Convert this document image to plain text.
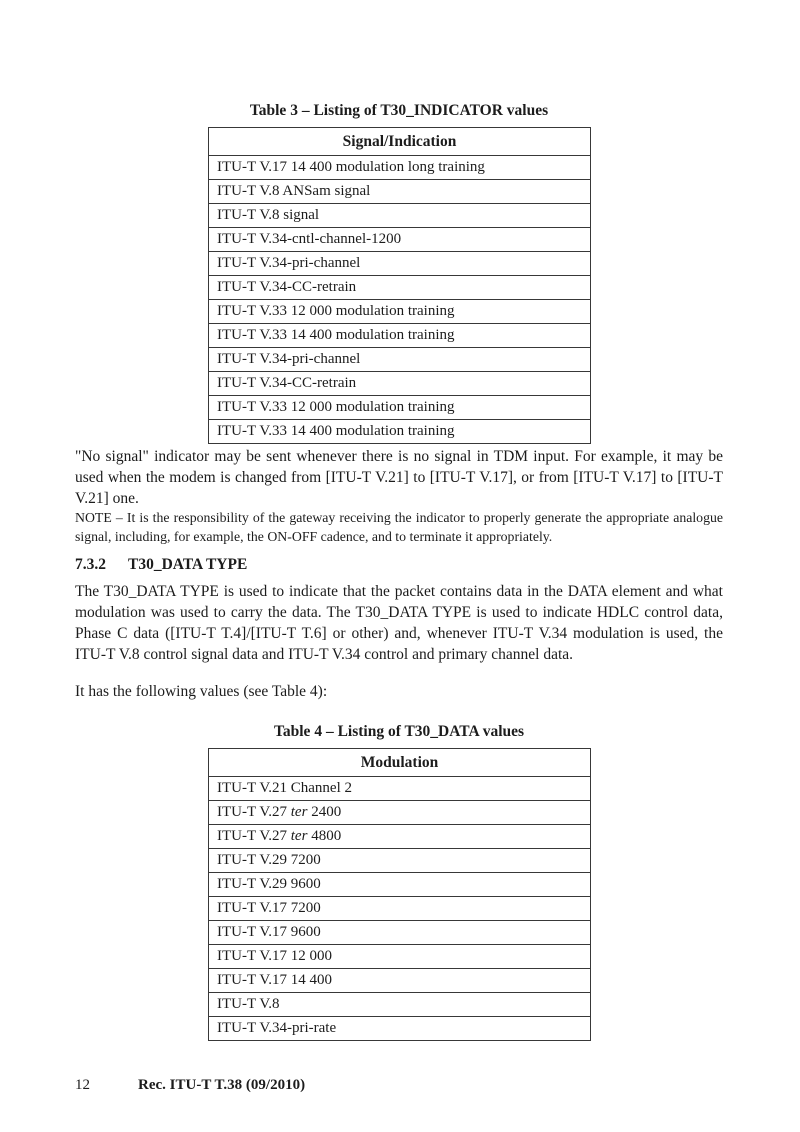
Table 3 – Listing of T30_INDICATOR values
Signal/Indication
ITU-T V.17 14 400 modulation long training
ITU-T V.8 ANSam signal
ITU-T V.8 signal
ITU-T V.34-cntl-channel-1200
ITU-T V.34-pri-channel
ITU-T V.34-CC-retrain
ITU-T V.33 12 000 modulation training
ITU-T V.33 14 400 modulation training
ITU-T V.34-pri-channel
ITU-T V.34-CC-retrain
ITU-T V.33 12 000 modulation training
ITU-T V.33 14 400 modulation training
"No signal" indicator may be sent whenever there is no signal in TDM input. For example, it may be used when the modem is changed from [ITU-T V.21] to [ITU-T V.17], or from [ITU-T V.17] to [ITU-T V.21] one.
NOTE – It is the responsibility of the gateway receiving the indicator to properly generate the appropriate analogue signal, including, for example, the ON-OFF cadence, and to terminate it appropriately.
7.3.2 T30_DATA TYPE
The T30_DATA TYPE is used to indicate that the packet contains data in the DATA element and what modulation was used to carry the data. The T30_DATA TYPE is used to indicate HDLC control data, Phase C data ([ITU-T T.4]/[ITU-T T.6] or other) and, whenever ITU-T V.34 modulation is used, the ITU-T V.8 control signal data and ITU-T V.34 control and primary channel data.
It has the following values (see Table 4):
Table 4 – Listing of T30_DATA values
Modulation
ITU-T V.21 Channel 2
ITU-T V.27 ter 2400
ITU-T V.27 ter 4800
ITU-T V.29 7200
ITU-T V.29 9600
ITU-T V.17 7200
ITU-T V.17 9600
ITU-T V.17 12 000
ITU-T V.17 14 400
ITU-T V.8
ITU-T V.34-pri-rate
12	Rec. ITU-T T.38 (09/2010)
